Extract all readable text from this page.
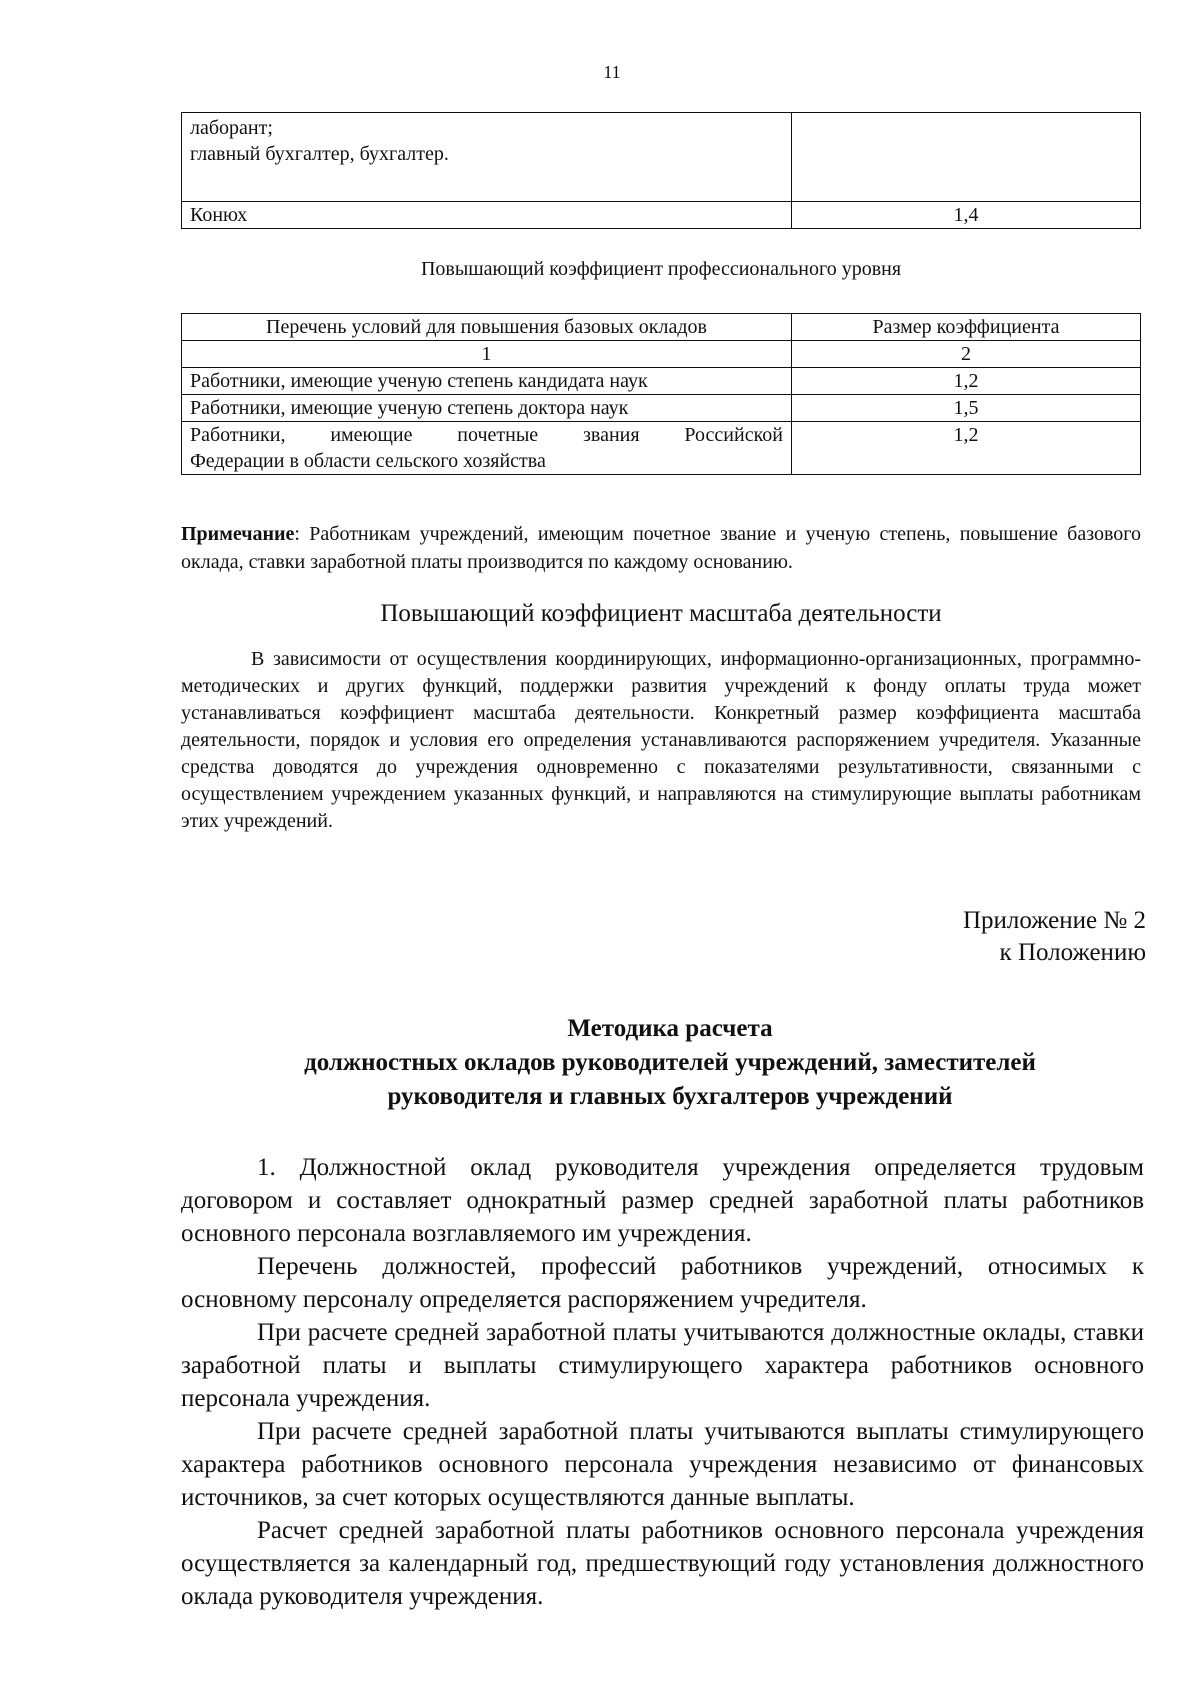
11
лаборант;
главный бухгалтер, бухгалтер.	

Конюх	1,4
Повышающий коэффициент профессионального уровня
Перечень условий для повышения базовых окладов	Размер коэффициента
1	2
Работники, имеющие ученую степень кандидата наук	1,2
Работники, имеющие ученую степень доктора наук	1,5

Работники, имеющие почетные звания Российской
Федерации в области сельского хозяйства	1,2
Примечание: Работникам учреждений, имеющим почетное звание и ученую степень, повышение базового оклада, ставки заработной платы производится по каждому основанию.
Повышающий коэффициент масштаба деятельности
В зависимости от осуществления координирующих, информационно-организационных, программно-методических и других функций, поддержки развития учреждений к фонду оплаты труда может устанавливаться коэффициент масштаба деятельности. Конкретный размер коэффициента масштаба деятельности, порядок и условия его определения устанавливаются распоряжением учредителя. Указанные средства доводятся до учреждения одновременно с показателями результативности, связанными с осуществлением учреждением указанных функций, и направляются на стимулирующие выплаты работникам этих учреждений.
Приложение № 2
к Положению
Методика расчета
должностных окладов руководителей учреждений, заместителей
руководителя и главных бухгалтеров учреждений

1. Должностной оклад руководителя учреждения определяется трудовым договором и составляет однократный размер средней заработной платы работников основного персонала возглавляемого им учреждения.

Перечень должностей, профессий работников учреждений, относимых к основному персоналу определяется распоряжением учредителя.

При расчете средней заработной платы учитываются должностные оклады, ставки заработной платы и выплаты стимулирующего характера работников основного персонала учреждения.

При расчете средней заработной платы учитываются выплаты стимулирующего характера работников основного персонала учреждения независимо от финансовых источников, за счет которых осуществляются данные выплаты.

Расчет средней заработной платы работников основного персонала учреждения осуществляется за календарный год, предшествующий году установления должностного оклада руководителя учреждения.
